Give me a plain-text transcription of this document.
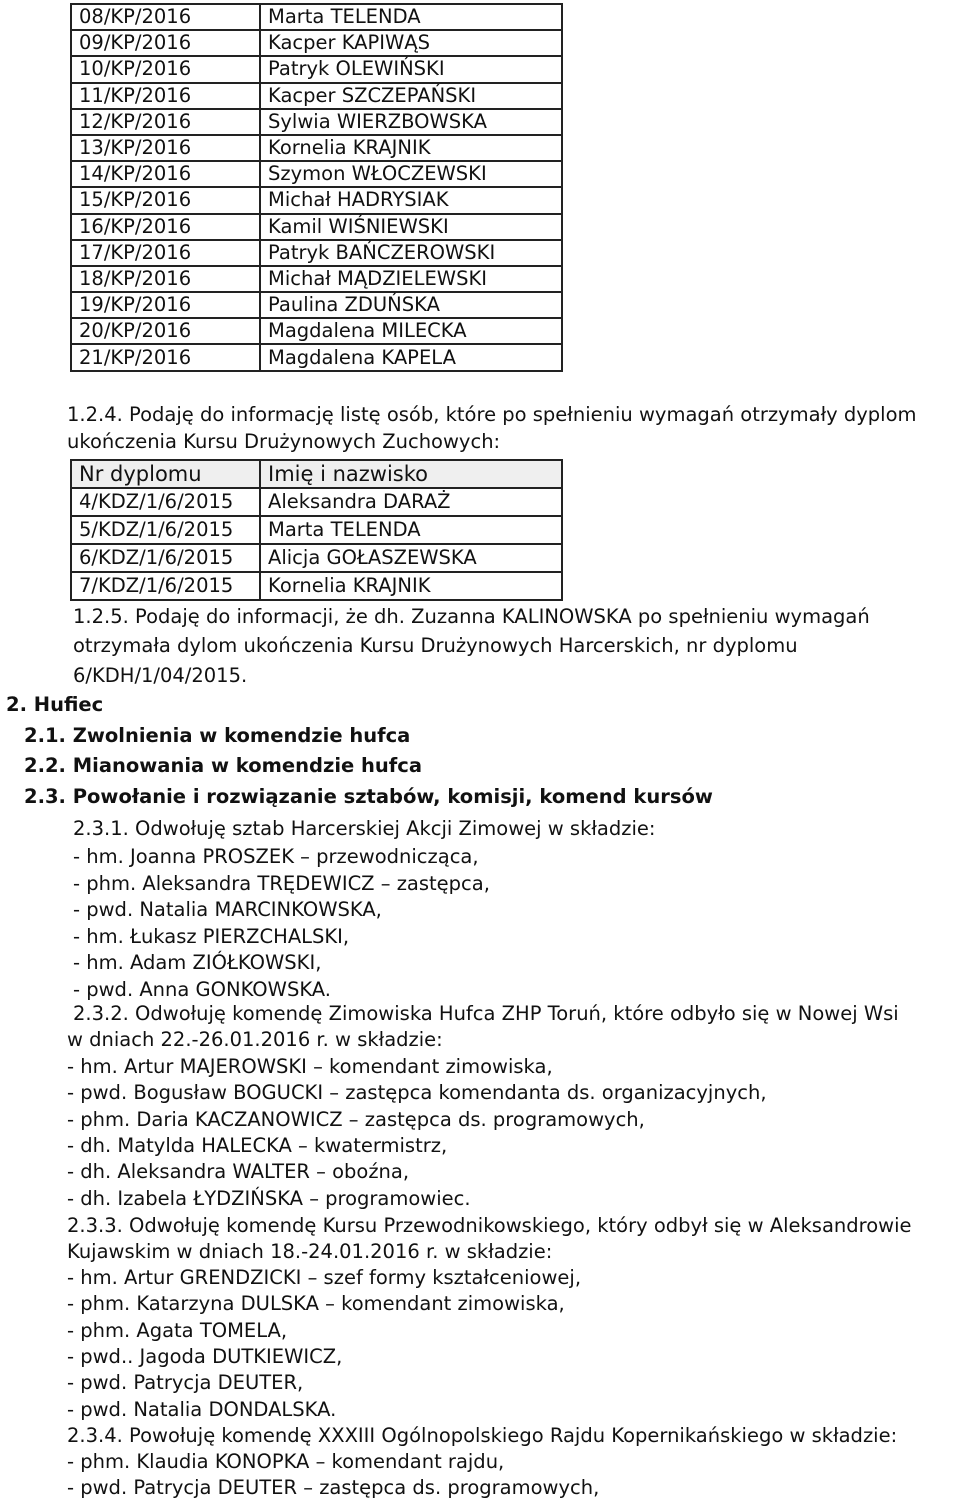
08/KP/2016	Marta TELENDA
09/KP/2016	Kacper KAPIWĄS
10/KP/2016	Patryk OLEWIŃSKI
11/KP/2016	Kacper SZCZEPAŃSKI
12/KP/2016	Sylwia WIERZBOWSKA
13/KP/2016	Kornelia KRAJNIK
14/KP/2016	Szymon WŁOCZEWSKI
15/KP/2016	Michał HADRYSIAK
16/KP/2016	Kamil WIŚNIEWSKI
17/KP/2016	Patryk BAŃCZEROWSKI
18/KP/2016	Michał MĄDZIELEWSKI
19/KP/2016	Paulina ZDUŃSKA
20/KP/2016	Magdalena MILECKA
21/KP/2016	Magdalena KAPELA
1.2.4. Podaję do informację listę osób, które po spełnieniu wymagań otrzymały dyplom
ukończenia Kursu Drużynowych Zuchowych:
Nr dyplomu	Imię i nazwisko
4/KDZ/1/6/2015	Aleksandra DARAŻ
5/KDZ/1/6/2015	Marta TELENDA
6/KDZ/1/6/2015	Alicja GOŁASZEWSKA
7/KDZ/1/6/2015	Kornelia KRAJNIK
1.2.5. Podaję do informacji, że dh. Zuzanna KALINOWSKA po spełnieniu wymagań
otrzymała dylom ukończenia Kursu Drużynowych Harcerskich, nr dyplomu
6/KDH/1/04/2015.
2. Hufiec
2.1. Zwolnienia w komendzie hufca
2.2. Mianowania w komendzie hufca
2.3. Powołanie i rozwiązanie sztabów, komisji, komend kursów
2.3.1. Odwołuję sztab Harcerskiej Akcji Zimowej w składzie:
- hm. Joanna PROSZEK – przewodnicząca,
- phm. Aleksandra TRĘDEWICZ – zastępca,
- pwd. Natalia MARCINKOWSKA,
- hm. Łukasz PIERZCHALSKI,
- hm. Adam ZIÓŁKOWSKI,
- pwd. Anna GONKOWSKA.
2.3.2. Odwołuję komendę Zimowiska Hufca ZHP Toruń, które odbyło się w Nowej Wsi
w dniach 22.-26.01.2016 r. w składzie:
- hm. Artur MAJEROWSKI – komendant zimowiska,
- pwd. Bogusław BOGUCKI – zastępca komendanta ds. organizacyjnych,
- phm. Daria KACZANOWICZ – zastępca ds. programowych,
- dh. Matylda HALECKA – kwatermistrz,
- dh. Aleksandra WALTER – oboźna,
- dh. Izabela ŁYDZIŃSKA – programowiec.
2.3.3. Odwołuję komendę Kursu Przewodnikowskiego, który odbył się w Aleksandrowie
Kujawskim w dniach 18.-24.01.2016 r. w składzie:
- hm. Artur GRENDZICKI – szef formy kształceniowej,
- phm. Katarzyna DULSKA – komendant zimowiska,
- phm. Agata TOMELA,
- pwd.. Jagoda DUTKIEWICZ,
- pwd. Patrycja DEUTER,
- pwd. Natalia DONDALSKA.
2.3.4. Powołuję komendę XXXIII Ogólnopolskiego Rajdu Kopernikańskiego w składzie:
- phm. Klaudia KONOPKA – komendant rajdu,
- pwd. Patrycja DEUTER – zastępca ds. programowych,
